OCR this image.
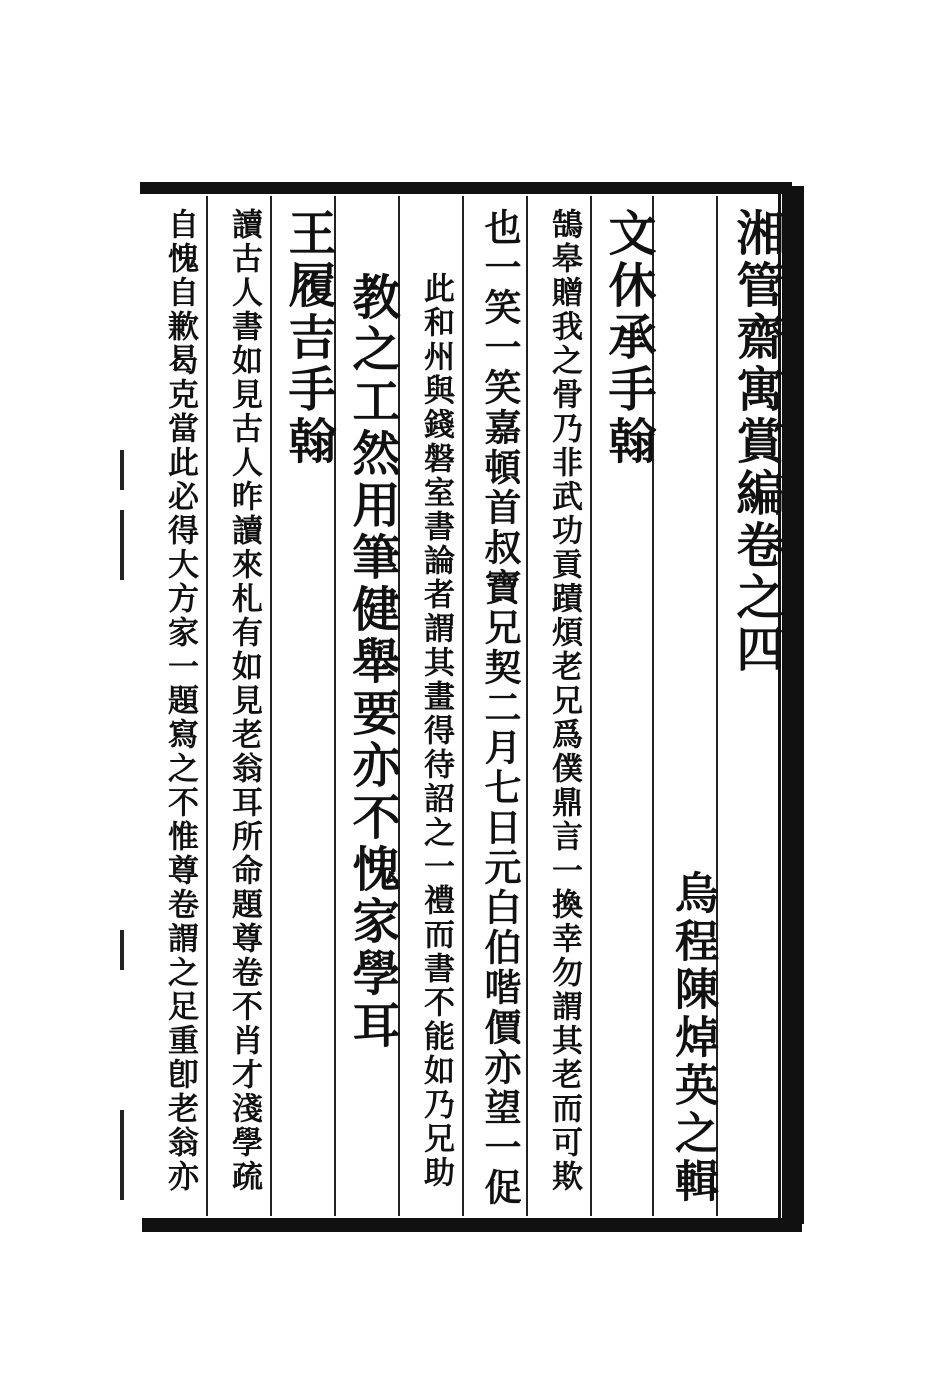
湘管齋寓賞編卷之四
烏程陳焯英之輯
文休承手翰
鵠皋贈我之骨乃非武功貢蹟煩老兄爲僕鼎言一換幸勿謂其老而可欺
也一笑一笑嘉頓首叔寶兄契二月七日元白伯喈價亦望一促
此和州與錢磐室書論者謂其畫得待詔之一禮而書不能如乃兄助
教之工然用筆健舉要亦不愧家學耳
王履吉手翰
讀古人書如見古人昨讀來札有如見老翁耳所命題尊卷不肖才淺學疏
自愧自歉曷克當此必得大方家一題寫之不惟尊卷謂之足重卽老翁亦
